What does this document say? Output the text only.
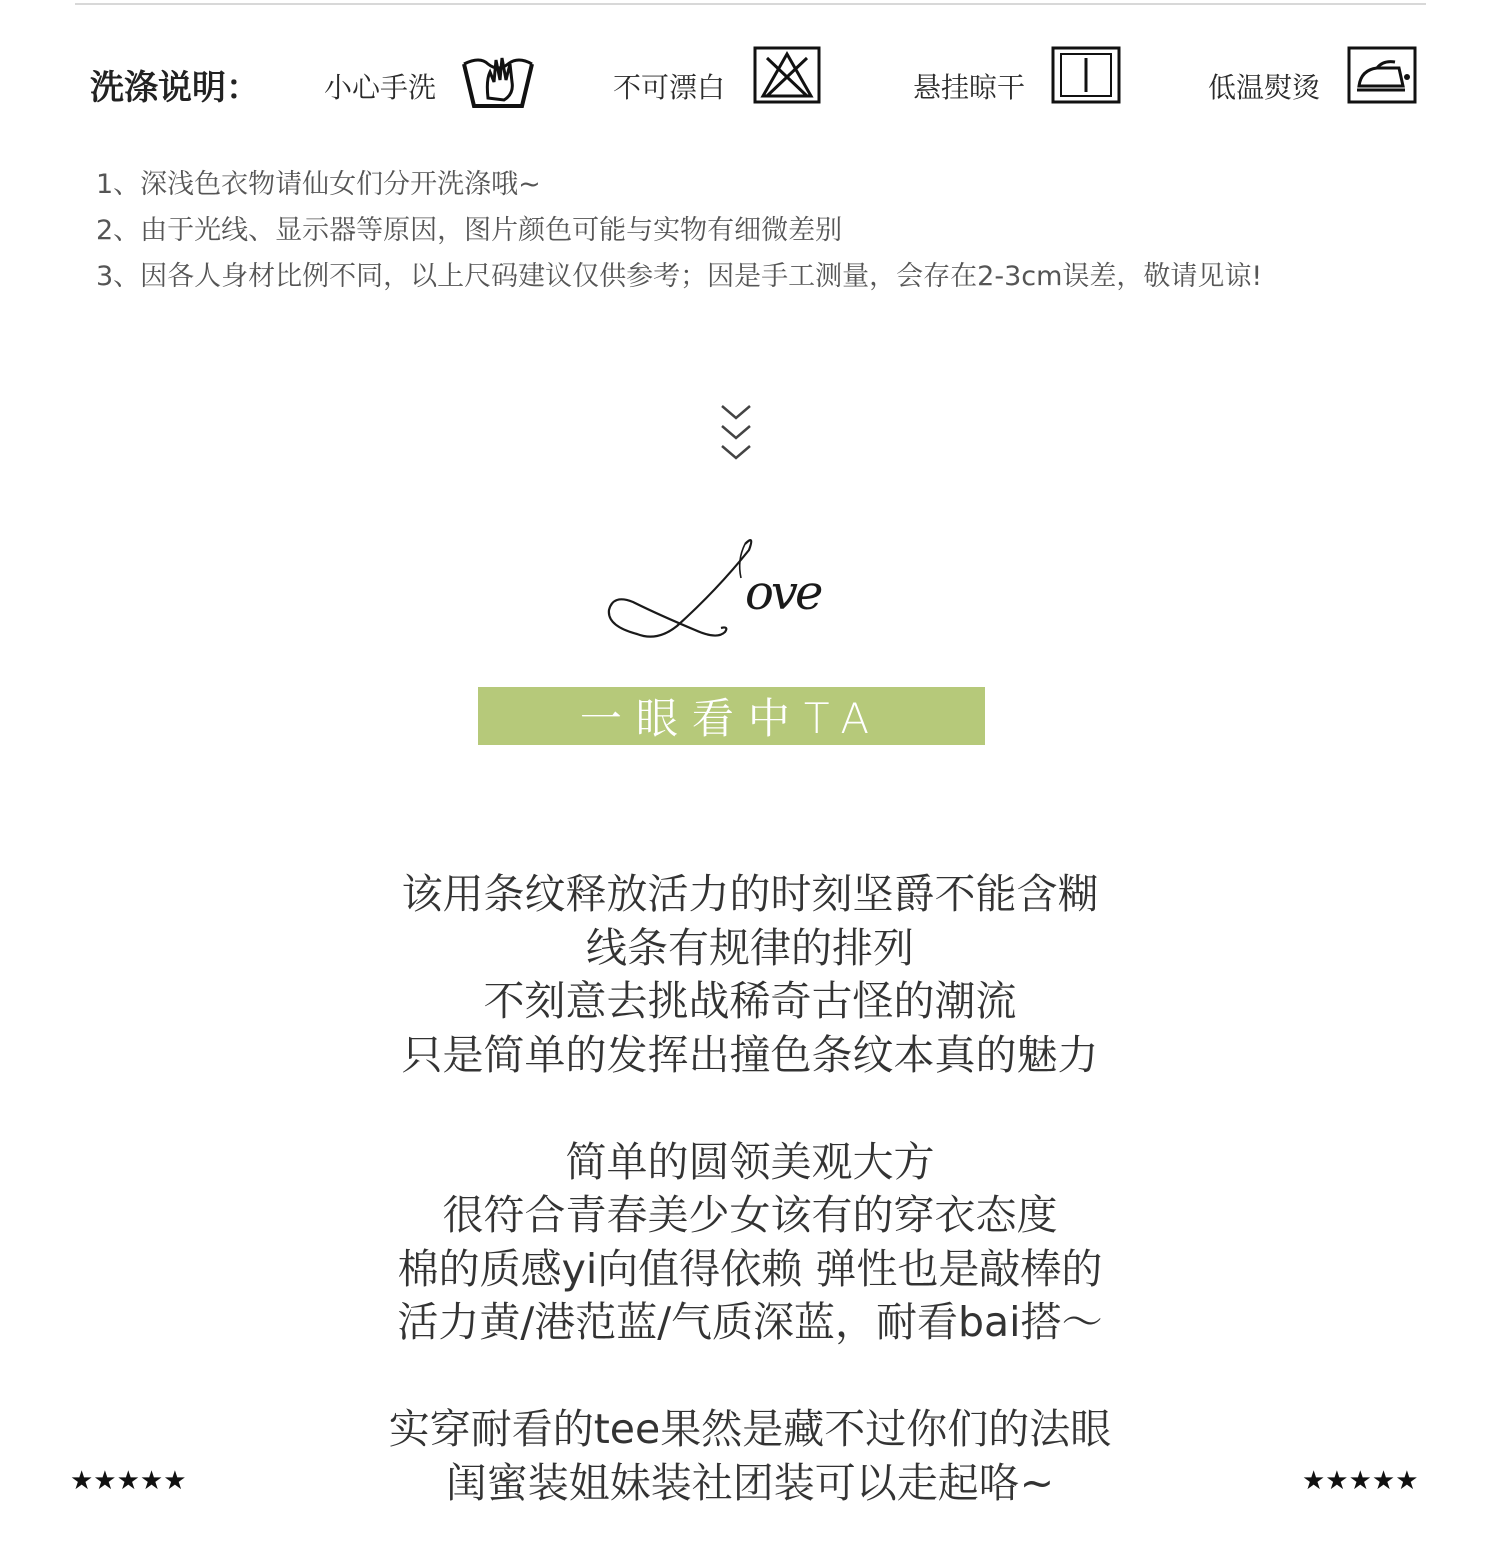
洗涤说明： 小心手洗	不可漂白	悬挂晾干	低温熨烫
1、深浅色衣物请仙女们分开洗涤哦~
2、由于光线、显示器等原因，图片颜色可能与实物有细微差别
3、因各人身材比例不同，以上尺码建议仅供参考；因是手工测量，会存在2-3cm误差，敬请见谅!
ove
一眼看中TA
该用条纹释放活力的时刻坚爵不能含糊
线条有规律的排列
不刻意去挑战稀奇古怪的潮流
只是简单的发挥出撞色条纹本真的魅力
简单的圆领美观大方
很符合青春美少女该有的穿衣态度
棉的质感yi向值得依赖 弹性也是敲棒的
活力黄/港范蓝/气质深蓝，耐看bai搭～
实穿耐看的tee果然是藏不过你们的法眼
闺蜜装姐妹装社团装可以走起咯~
★★★★★	★★★★★
